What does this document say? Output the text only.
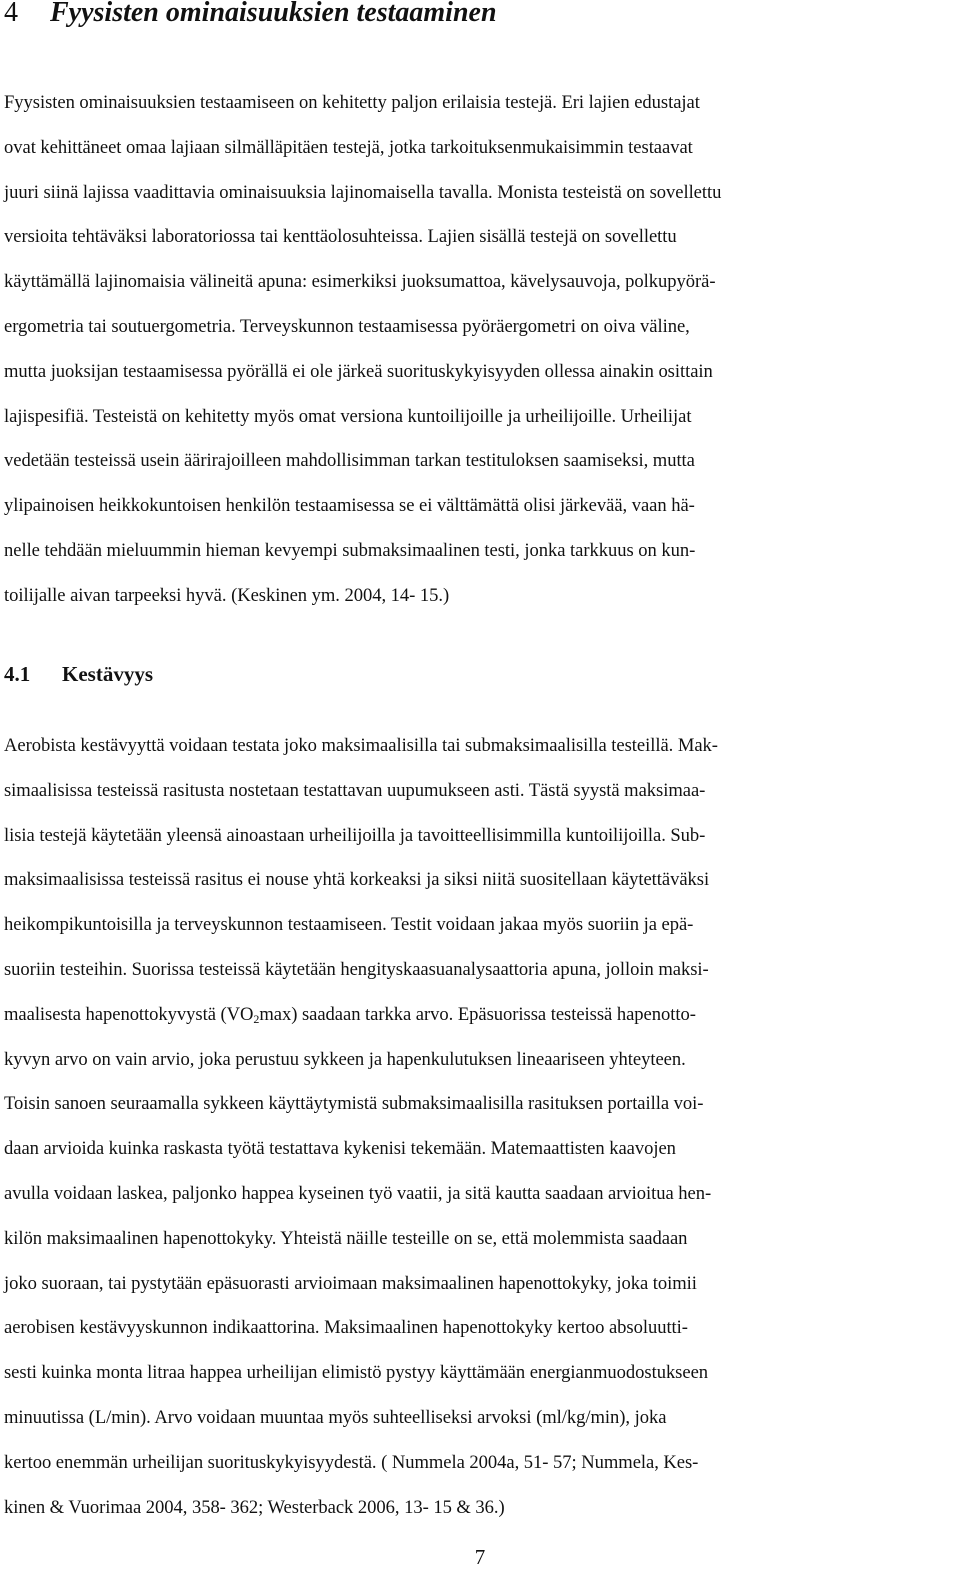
4 Fyysisten ominaisuuksien testaaminen

Fyysisten ominaisuuksien testaamiseen on kehitetty paljon erilaisia testejä. Eri lajien edustajat
ovat kehittäneet omaa lajiaan silmälläpitäen testejä, jotka tarkoituksenmukaisimmin testaavat
juuri siinä lajissa vaadittavia ominaisuuksia lajinomaisella tavalla. Monista testeistä on sovellettu
versioita tehtäväksi laboratoriossa tai kenttäolosuhteissa. Lajien sisällä testejä on sovellettu
käyttämällä lajinomaisia välineitä apuna: esimerkiksi juoksumattoa, kävelysauvoja, polkupyörä-
ergometria tai soutuergometria. Terveyskunnon testaamisessa pyöräergometri on oiva väline,
mutta juoksijan testaamisessa pyörällä ei ole järkeä suorituskykyisyyden ollessa ainakin osittain
lajispesifiä. Testeistä on kehitetty myös omat versiona kuntoilijoille ja urheilijoille. Urheilijat
vedetään testeissä usein äärirajoilleen mahdollisimman tarkan testituloksen saamiseksi, mutta
ylipainoisen heikkokuntoisen henkilön testaamisessa se ei välttämättä olisi järkevää, vaan hä-
nelle tehdään mieluummin hieman kevyempi submaksimaalinen testi, jonka tarkkuus on kun-
toilijalle aivan tarpeeksi hyvä. (Keskinen ym. 2004, 14- 15.)

4.1 Kestävyys

Aerobista kestävyyttä voidaan testata joko maksimaalisilla tai submaksimaalisilla testeillä. Mak-
simaalisissa testeissä rasitusta nostetaan testattavan uupumukseen asti. Tästä syystä maksimaa-
lisia testejä käytetään yleensä ainoastaan urheilijoilla ja tavoitteellisimmilla kuntoilijoilla. Sub-
maksimaalisissa testeissä rasitus ei nouse yhtä korkeaksi ja siksi niitä suositellaan käytettäväksi
heikompikuntoisilla ja terveyskunnon testaamiseen. Testit voidaan jakaa myös suoriin ja epä-
suoriin testeihin. Suorissa testeissä käytetään hengityskaasuanalysaattoria apuna, jolloin maksi-
maalisesta hapenottokyvystä $(VO_2\max)$ saadaan tarkka arvo. Epäsuorissa testeissä hapenotto-
kyvyn arvo on vain arvio, joka perustuu sykkeen ja hapenkulutuksen lineaariseen yhteyteen.
Toisin sanoen seuraamalla sykkeen käyttäytymistä submaksimaalisilla rasituksen portailla voi-
daan arvioida kuinka raskasta työtä testattava kykenisi tekemään. Matemaattisten kaavojen
avulla voidaan laskea, paljonko happea kyseinen työ vaatii, ja sitä kautta saadaan arvioitua hen-
kilön maksimaalinen hapenottokyky. Yhteistä näille testeille on se, että molemmista saadaan
joko suoraan, tai pystytään epäsuorasti arvioimaan maksimaalinen hapenottokyky, joka toimii
aerobisen kestävyyskunnon indikaattorina. Maksimaalinen hapenottokyky kertoo absoluutti-
sesti kuinka monta litraa happea urheilijan elimistö pystyy käyttämään energianmuodostukseen
minuutissa (L/min). Arvo voidaan muuntaa myös suhteelliseksi arvoksi (ml/kg/min), joka
kertoo enemmän urheilijan suorituskykyisyydestä. ( Nummela 2004a, 51- 57; Nummela, Kes-
kinen & Vuorimaa 2004, 358- 362; Westerback 2006, 13- 15 & 36.)

7
